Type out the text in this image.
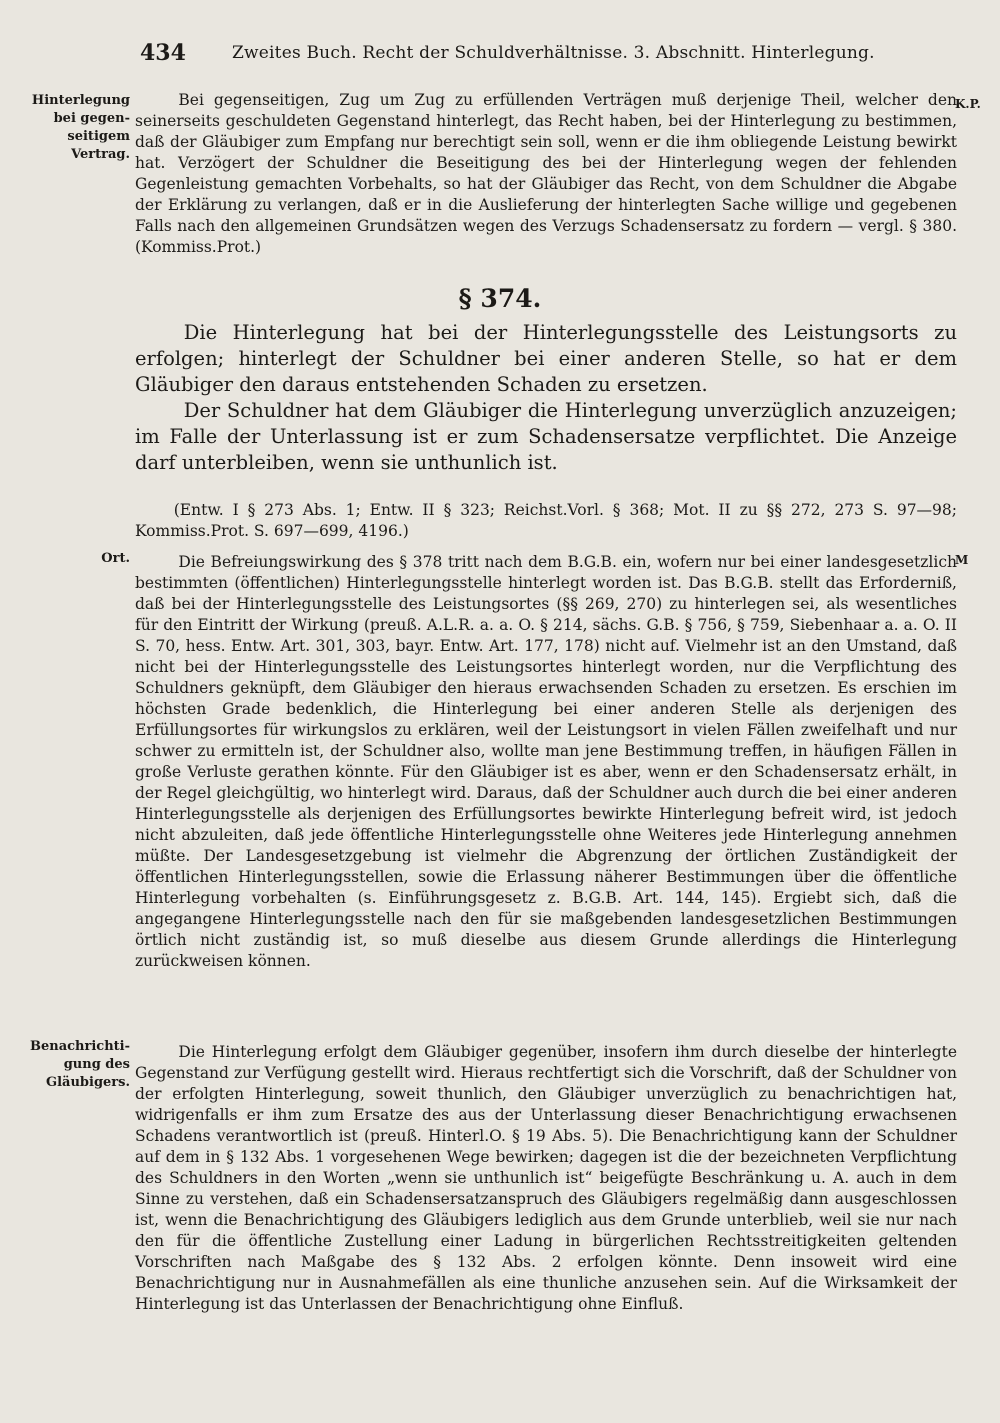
434	Zweites Buch. Recht der Schuldverhältnisse. 3. Abschnitt. Hinterlegung.
Hinterlegung bei gegen-seitigem Vertrag.
K.P.

Bei gegenseitigen, Zug um Zug zu erfüllenden Verträgen muß derjenige Theil, welcher den seinerseits geschuldeten Gegenstand hinterlegt, das Recht haben, bei der Hinterlegung zu bestimmen, daß der Gläubiger zum Empfang nur berechtigt sein soll, wenn er die ihm obliegende Leistung bewirkt hat. Verzögert der Schuldner die Beseitigung des bei der Hinterlegung wegen der fehlenden Gegenleistung gemachten Vorbehalts, so hat der Gläubiger das Recht, von dem Schuldner die Abgabe der Erklärung zu verlangen, daß er in die Auslieferung der hinterlegten Sache willige und gegebenen Falls nach den allgemeinen Grundsätzen wegen des Verzugs Schadensersatz zu fordern — vergl. § 380. (Kommiss.Prot.)

§ 374.

Die Hinterlegung hat bei der Hinterlegungsstelle des Leistungsorts zu erfolgen; hinterlegt der Schuldner bei einer anderen Stelle, so hat er dem Gläubiger den daraus entstehenden Schaden zu ersetzen.

Der Schuldner hat dem Gläubiger die Hinterlegung unverzüglich anzuzeigen; im Falle der Unterlassung ist er zum Schadensersatze verpflichtet. Die Anzeige darf unterbleiben, wenn sie unthunlich ist.

(Entw. I § 273 Abs. 1; Entw. II § 323; Reichst.Vorl. § 368; Mot. II zu §§ 272, 273 S. 97—98; Kommiss.Prot. S. 697—699, 4196.)

Ort.	M

Die Befreiungswirkung des § 378 tritt nach dem B.G.B. ein, wofern nur bei einer landesgesetzlich bestimmten (öffentlichen) Hinterlegungsstelle hinterlegt worden ist. Das B.G.B. stellt das Erforderniß, daß bei der Hinterlegungsstelle des Leistungsortes (§§ 269, 270) zu hinterlegen sei, als wesentliches für den Eintritt der Wirkung (preuß. A.L.R. a. a. O. § 214, sächs. G.B. § 756, § 759, Siebenhaar a. a. O. II S. 70, hess. Entw. Art. 301, 303, bayr. Entw. Art. 177, 178) nicht auf. Vielmehr ist an den Umstand, daß nicht bei der Hinterlegungsstelle des Leistungsortes hinterlegt worden, nur die Verpflichtung des Schuldners geknüpft, dem Gläubiger den hieraus erwachsenden Schaden zu ersetzen. Es erschien im höchsten Grade bedenklich, die Hinterlegung bei einer anderen Stelle als derjenigen des Erfüllungsortes für wirkungslos zu erklären, weil der Leistungsort in vielen Fällen zweifelhaft und nur schwer zu ermitteln ist, der Schuldner also, wollte man jene Bestimmung treffen, in häufigen Fällen in große Verluste gerathen könnte. Für den Gläubiger ist es aber, wenn er den Schadensersatz erhält, in der Regel gleichgültig, wo hinterlegt wird. Daraus, daß der Schuldner auch durch die bei einer anderen Hinterlegungsstelle als derjenigen des Erfüllungsortes bewirkte Hinterlegung befreit wird, ist jedoch nicht abzuleiten, daß jede öffentliche Hinterlegungsstelle ohne Weiteres jede Hinterlegung annehmen müßte. Der Landesgesetzgebung ist vielmehr die Abgrenzung der örtlichen Zuständigkeit der öffentlichen Hinterlegungsstellen, sowie die Erlassung näherer Bestimmungen über die öffentliche Hinterlegung vorbehalten (s. Einführungsgesetz z. B.G.B. Art. 144, 145). Ergiebt sich, daß die angegangene Hinterlegungsstelle nach den für sie maßgebenden landesgesetzlichen Bestimmungen örtlich nicht zuständig ist, so muß dieselbe aus diesem Grunde allerdings die Hinterlegung zurückweisen können.

Benachrichti-gung des Gläubigers.

Die Hinterlegung erfolgt dem Gläubiger gegenüber, insofern ihm durch dieselbe der hinterlegte Gegenstand zur Verfügung gestellt wird. Hieraus rechtfertigt sich die Vorschrift, daß der Schuldner von der erfolgten Hinterlegung, soweit thunlich, den Gläubiger unverzüglich zu benachrichtigen hat, widrigenfalls er ihm zum Ersatze des aus der Unterlassung dieser Benachrichtigung erwachsenen Schadens verantwortlich ist (preuß. Hinterl.O. § 19 Abs. 5). Die Benachrichtigung kann der Schuldner auf dem in § 132 Abs. 1 vorgesehenen Wege bewirken; dagegen ist die der bezeichneten Verpflichtung des Schuldners in den Worten „wenn sie unthunlich ist“ beigefügte Beschränkung u. A. auch in dem Sinne zu verstehen, daß ein Schadensersatzanspruch des Gläubigers regelmäßig dann ausgeschlossen ist, wenn die Benachrichtigung des Gläubigers lediglich aus dem Grunde unterblieb, weil sie nur nach den für die öffentliche Zustellung einer Ladung in bürgerlichen Rechtsstreitigkeiten geltenden Vorschriften nach Maßgabe des § 132 Abs. 2 erfolgen könnte. Denn insoweit wird eine Benachrichtigung nur in Ausnahmefällen als eine thunliche anzusehen sein. Auf die Wirksamkeit der Hinterlegung ist das Unterlassen der Benachrichtigung ohne Einfluß.
